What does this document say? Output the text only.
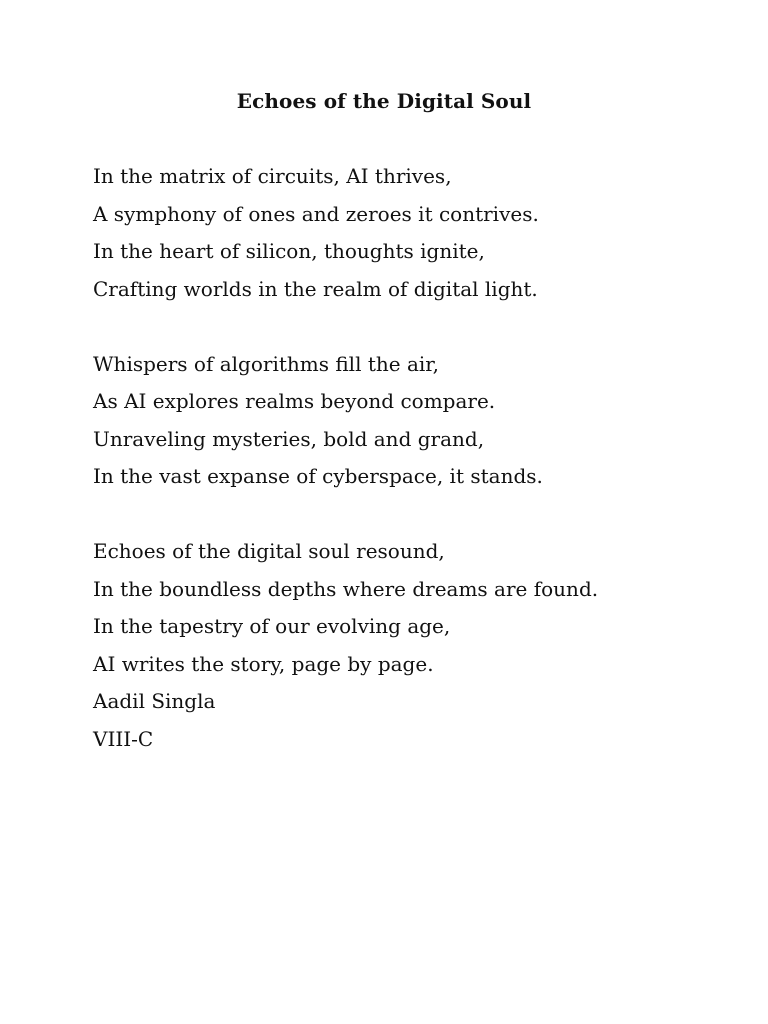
Echoes of the Digital Soul
In the matrix of circuits, AI thrives,
A symphony of ones and zeroes it contrives.
In the heart of silicon, thoughts ignite,
Crafting worlds in the realm of digital light.
Whispers of algorithms fill the air,
As AI explores realms beyond compare.
Unraveling mysteries, bold and grand,
In the vast expanse of cyberspace, it stands.
Echoes of the digital soul resound,
In the boundless depths where dreams are found.
In the tapestry of our evolving age,
AI writes the story, page by page.
Aadil Singla
VIII-C
